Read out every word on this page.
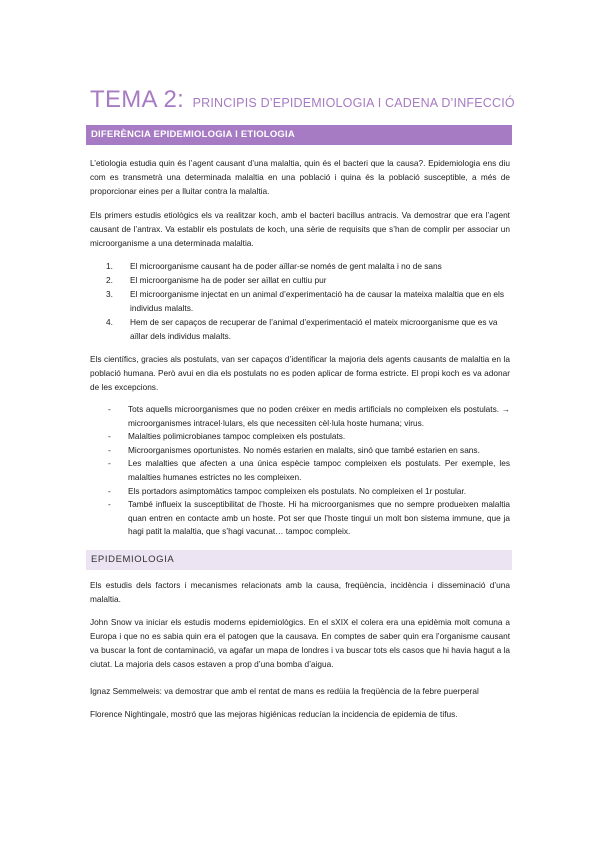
TEMA 2: PRINCIPIS D’EPIDEMIOLOGIA I CADENA D’INFECCIÓ
DIFERÈNCIA EPIDEMIOLOGIA I ETIOLOGIA
L’etiologia estudia quin és l’agent causant d’una malaltia, quin és el bacteri que la causa?. Epidemiologia ens diu com es transmetrà una determinada malaltia en una població i quina és la població susceptible, a més de proporcionar eines per a lluitar contra la malaltia.
Els primers estudis etiològics els va realitzar koch, amb el bacteri bacillus antracis. Va demostrar que era l’agent causant de l’antrax. Va establir els postulats de koch, una sèrie de requisits que s’han de complir per associar un microorganisme a una determinada malaltia.
1.	El microorganisme causant ha de poder aïllar-se només de gent malalta i no de sans
2.	El microorganisme ha de poder ser aïllat en cultiu pur
3.	El microorganisme injectat en un animal d’experimentació ha de causar la mateixa malaltia que en els individus malalts.
4.	Hem de ser capaços de recuperar de l’animal d’experimentació el mateix microorganisme que es va aïllar dels individus malalts.
Els científics, gracies als postulats, van ser capaços d’identificar la majoria dels agents causants de malaltia en la població humana. Però avui en dia els postulats no es poden aplicar de forma estricte. El propi koch es va adonar de les excepcions.
-	Tots aquells microorganismes que no poden créixer en medis artificials no compleixen els postulats. → microorganismes intracel·lulars, els que necessiten cèl·lula hoste humana; virus.
-	Malalties polimicrobianes tampoc compleixen els postulats.
-	Microorganismes oportunistes. No només estarien en malalts, sinó que també estarien en sans.
-	Les malalties que afecten a una única espècie tampoc compleixen els postulats. Per exemple, les malalties humanes estrictes no les compleixen.
-	Els portadors asimptomàtics tampoc compleixen els postulats. No compleixen el 1r postular.
-	També influeix la susceptibilitat de l’hoste. Hi ha microorganismes que no sempre produeixen malaltia quan entren en contacte amb un hoste. Pot ser que l’hoste tingui un molt bon sistema immune, que ja hagi patit la malaltia, que s’hagi vacunat… tampoc compleix.
EPIDEMIOLOGIA
Els estudis dels factors i mecanismes relacionats amb la causa, freqüència, incidència i disseminació d’una malaltia.
John Snow va iniciar els estudis moderns epidemiològics. En el sXIX el colera era una epidèmia molt comuna a Europa i que no es sabia quin era el patogen que la causava. En comptes de saber quin era l’organisme causant va buscar la font de contaminació, va agafar un mapa de londres i va buscar tots els casos que hi havia hagut a la ciutat. La majoria dels casos estaven a prop d’una bomba d’aigua.
Ignaz Semmelweis: va demostrar que amb el rentat de mans es redüia la freqüència de la febre puerperal
Florence Nightingale, mostró que las mejoras higiénicas reducían la incidencia de epidemia de tifus.
